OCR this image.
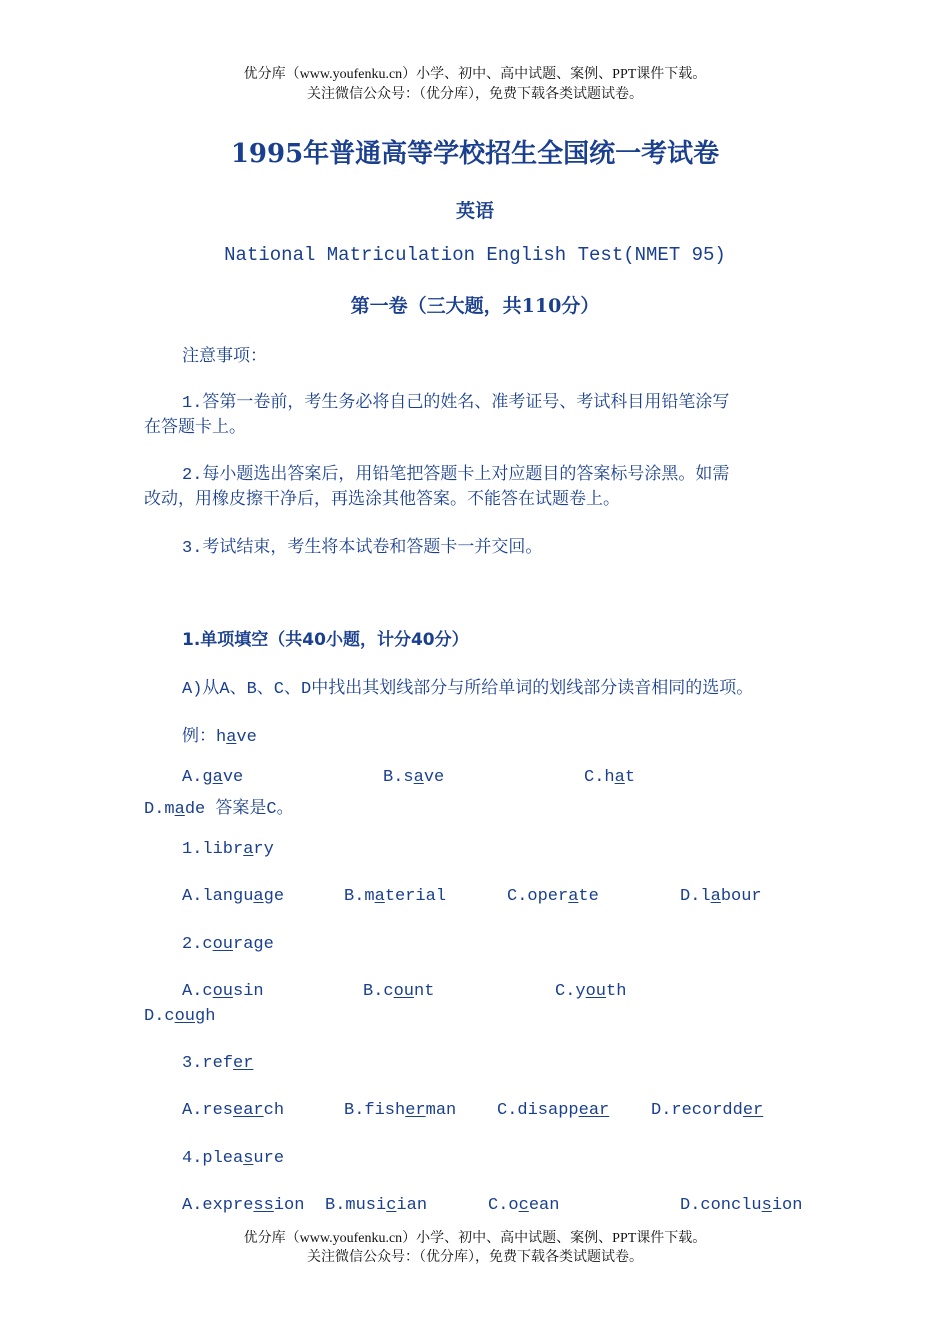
优分库（www.youfenku.cn）小学、初中、高中试题、案例、PPT课件下载。
关注微信公众号：（优分库），免费下载各类试题试卷。
1995年普通高等学校招生全国统一考试卷
英语
National Matriculation English Test(NMET 95)
第一卷（三大题，共110分）
注意事项：
1.答第一卷前，考生务必将自己的姓名、准考证号、考试科目用铅笔涂写
在答题卡上。
2.每小题选出答案后，用铅笔把答题卡上对应题目的答案标号涂黑。如需
改动，用橡皮擦干净后，再选涂其他答案。不能答在试题卷上。
3.考试结束，考生将本试卷和答题卡一并交回。
1.单项填空（共40小题，计分40分）
A)从A、B、C、D中找出其划线部分与所给单词的划线部分读音相同的选项。
例：have
A.gave	B.save	C.hat
D.made 答案是C。
1.library
A.language	B.material	C.operate	D.labour
2.courage
A.cousin	B.count	C.youth
D.cough
3.refer
A.research	B.fisherman C.disappear D.recordder
4.pleasure
A.expression B.musician	C.ocean	D.conclusion
优分库（www.youfenku.cn）小学、初中、高中试题、案例、PPT课件下载。
关注微信公众号：（优分库），免费下载各类试题试卷。
